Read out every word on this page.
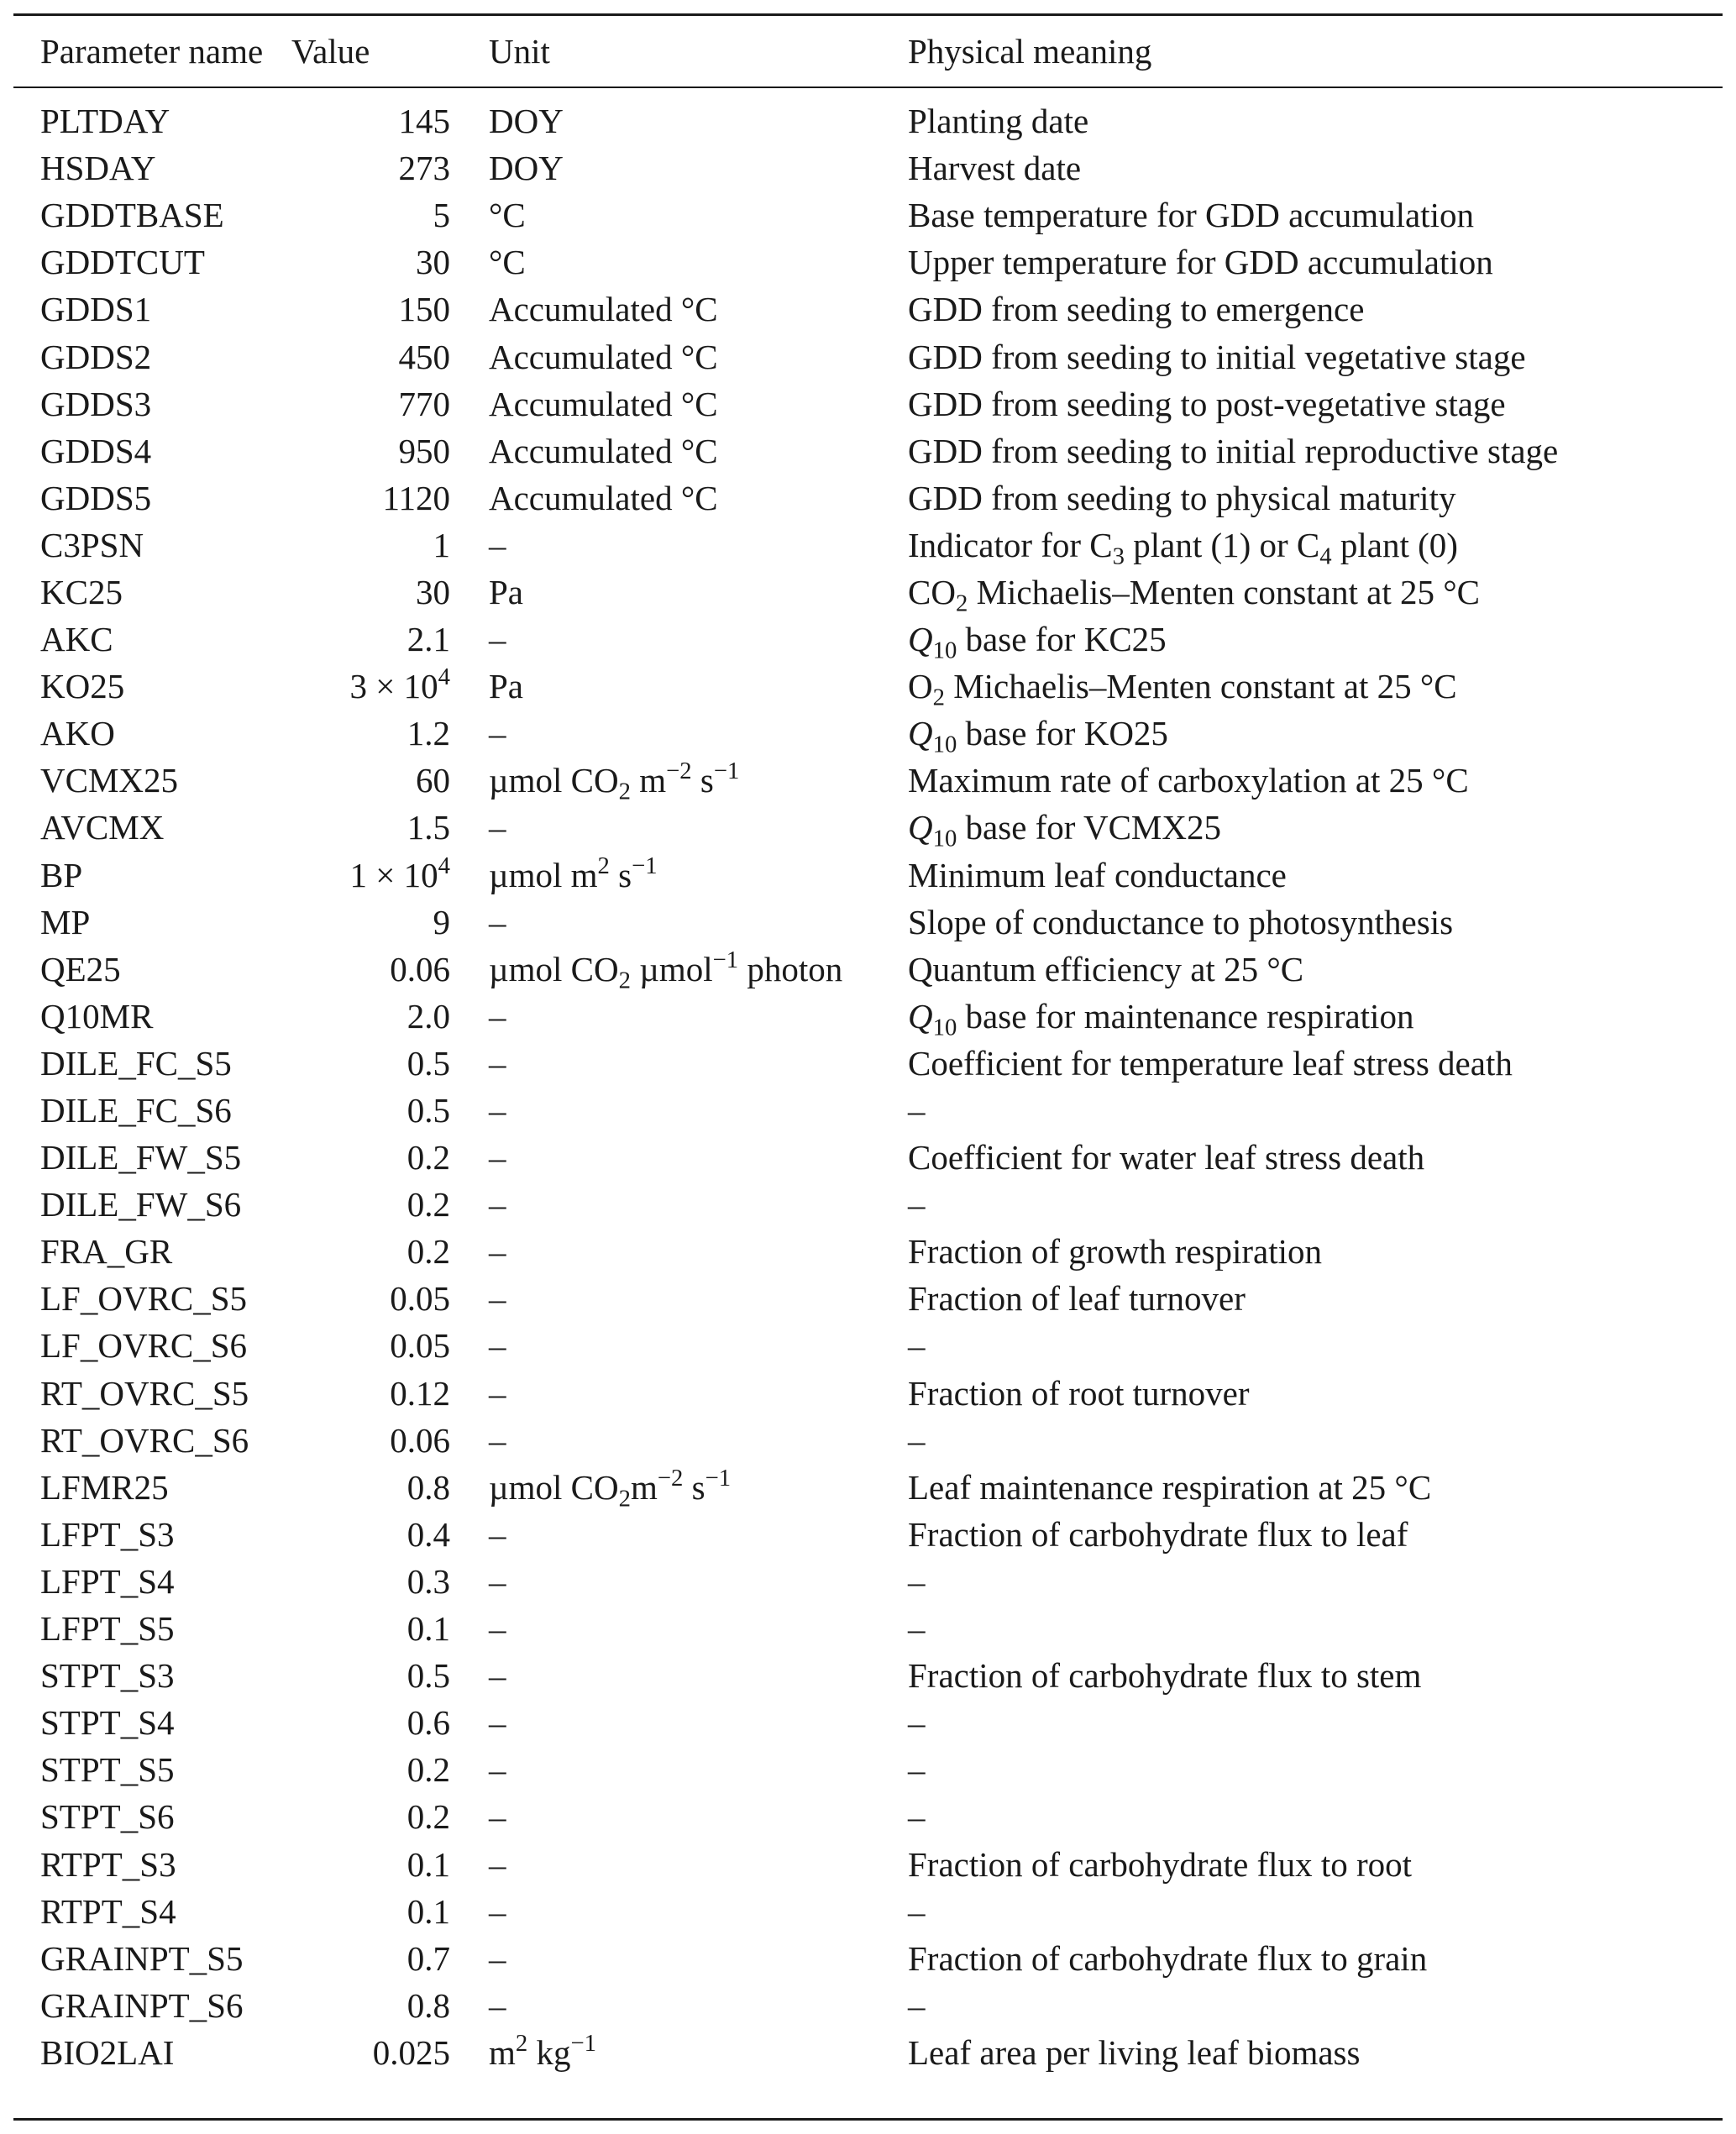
Parameter name	Value	Unit	Physical meaning
PLTDAY	145	DOY	Planting date
HSDAY	273	DOY	Harvest date
GDDTBASE	5	°C	Base temperature for GDD accumulation
GDDTCUT	30	°C	Upper temperature for GDD accumulation
GDDS1	150	Accumulated °C	GDD from seeding to emergence
GDDS2	450	Accumulated °C	GDD from seeding to initial vegetative stage
GDDS3	770	Accumulated °C	GDD from seeding to post-vegetative stage
GDDS4	950	Accumulated °C	GDD from seeding to initial reproductive stage
GDDS5	1120	Accumulated °C	GDD from seeding to physical maturity
C3PSN	1	–	Indicator for $C_3$ plant (1) or $C_4$ plant (0)
KC25	30	Pa	$CO_2$ Michaelis–Menten constant at 25 °C
AKC	2.1	–	$Q_{10}$ base for KC25
KO25	$3 \times 10^4$	Pa	$O_2$ Michaelis–Menten constant at 25 °C
AKO	1.2	–	$Q_{10}$ base for KO25
VCMX25	60	µmol $CO_2$ $m^{-2}$ $s^{-1}$	Maximum rate of carboxylation at 25 °C
AVCMX	1.5	–	$Q_{10}$ base for VCMX25
BP	$1 \times 10^4$	µmol $m^2$ $s^{-1}$	Minimum leaf conductance
MP	9	–	Slope of conductance to photosynthesis
QE25	0.06	µmol $CO_2$ µmol$^{-1}$ photon	Quantum efficiency at 25 °C
Q10MR	2.0	–	$Q_{10}$ base for maintenance respiration
DILE_FC_S5	0.5	–	Coefficient for temperature leaf stress death
DILE_FC_S6	0.5	–	–
DILE_FW_S5	0.2	–	Coefficient for water leaf stress death
DILE_FW_S6	0.2	–	–
FRA_GR	0.2	–	Fraction of growth respiration
LF_OVRC_S5	0.05	–	Fraction of leaf turnover
LF_OVRC_S6	0.05	–	–
RT_OVRC_S5	0.12	–	Fraction of root turnover
RT_OVRC_S6	0.06	–	–
LFMR25	0.8	µmol $CO_2m^{-2}$ $s^{-1}$	Leaf maintenance respiration at 25 °C
LFPT_S3	0.4	–	Fraction of carbohydrate flux to leaf
LFPT_S4	0.3	–	–
LFPT_S5	0.1	–	–
STPT_S3	0.5	–	Fraction of carbohydrate flux to stem
STPT_S4	0.6	–	–
STPT_S5	0.2	–	–
STPT_S6	0.2	–	–
RTPT_S3	0.1	–	Fraction of carbohydrate flux to root
RTPT_S4	0.1	–	–
GRAINPT_S5	0.7	–	Fraction of carbohydrate flux to grain
GRAINPT_S6	0.8	–	–
BIO2LAI	0.025	$m^2$ $kg^{-1}$	Leaf area per living leaf biomass
